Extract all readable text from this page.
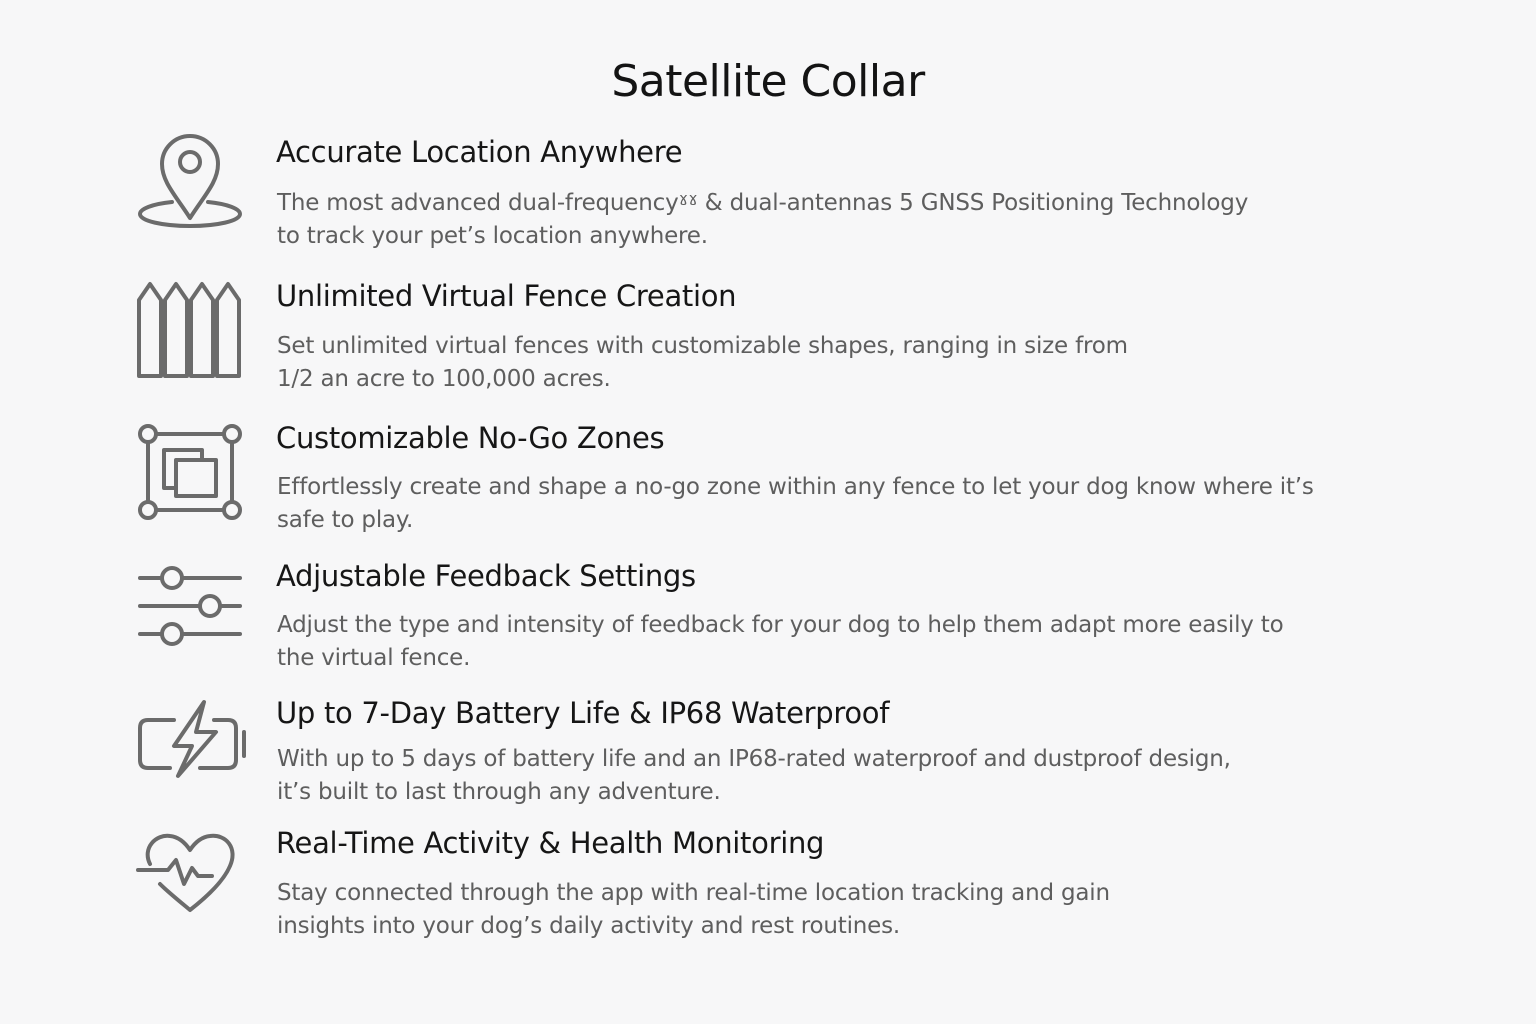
Satellite Collar
Accurate Location Anywhere

The most advanced dual-frequencyˠˠ & dual-antennas 5 GNSS Positioning Technology
to track your pet’s location anywhere.

Unlimited Virtual Fence Creation

Set unlimited virtual fences with customizable shapes, ranging in size from
1/2 an acre to 100,000 acres.

Customizable No-Go Zones

Effortlessly create and shape a no-go zone within any fence to let your dog know where it’s
safe to play.

Adjustable Feedback Settings

Adjust the type and intensity of feedback for your dog to help them adapt more easily to
the virtual fence.

Up to 7-Day Battery Life & IP68 Waterproof

With up to 5 days of battery life and an IP68-rated waterproof and dustproof design,
it’s built to last through any adventure.

Real-Time Activity & Health Monitoring

Stay connected through the app with real-time location tracking and gain
insights into your dog’s daily activity and rest routines.
